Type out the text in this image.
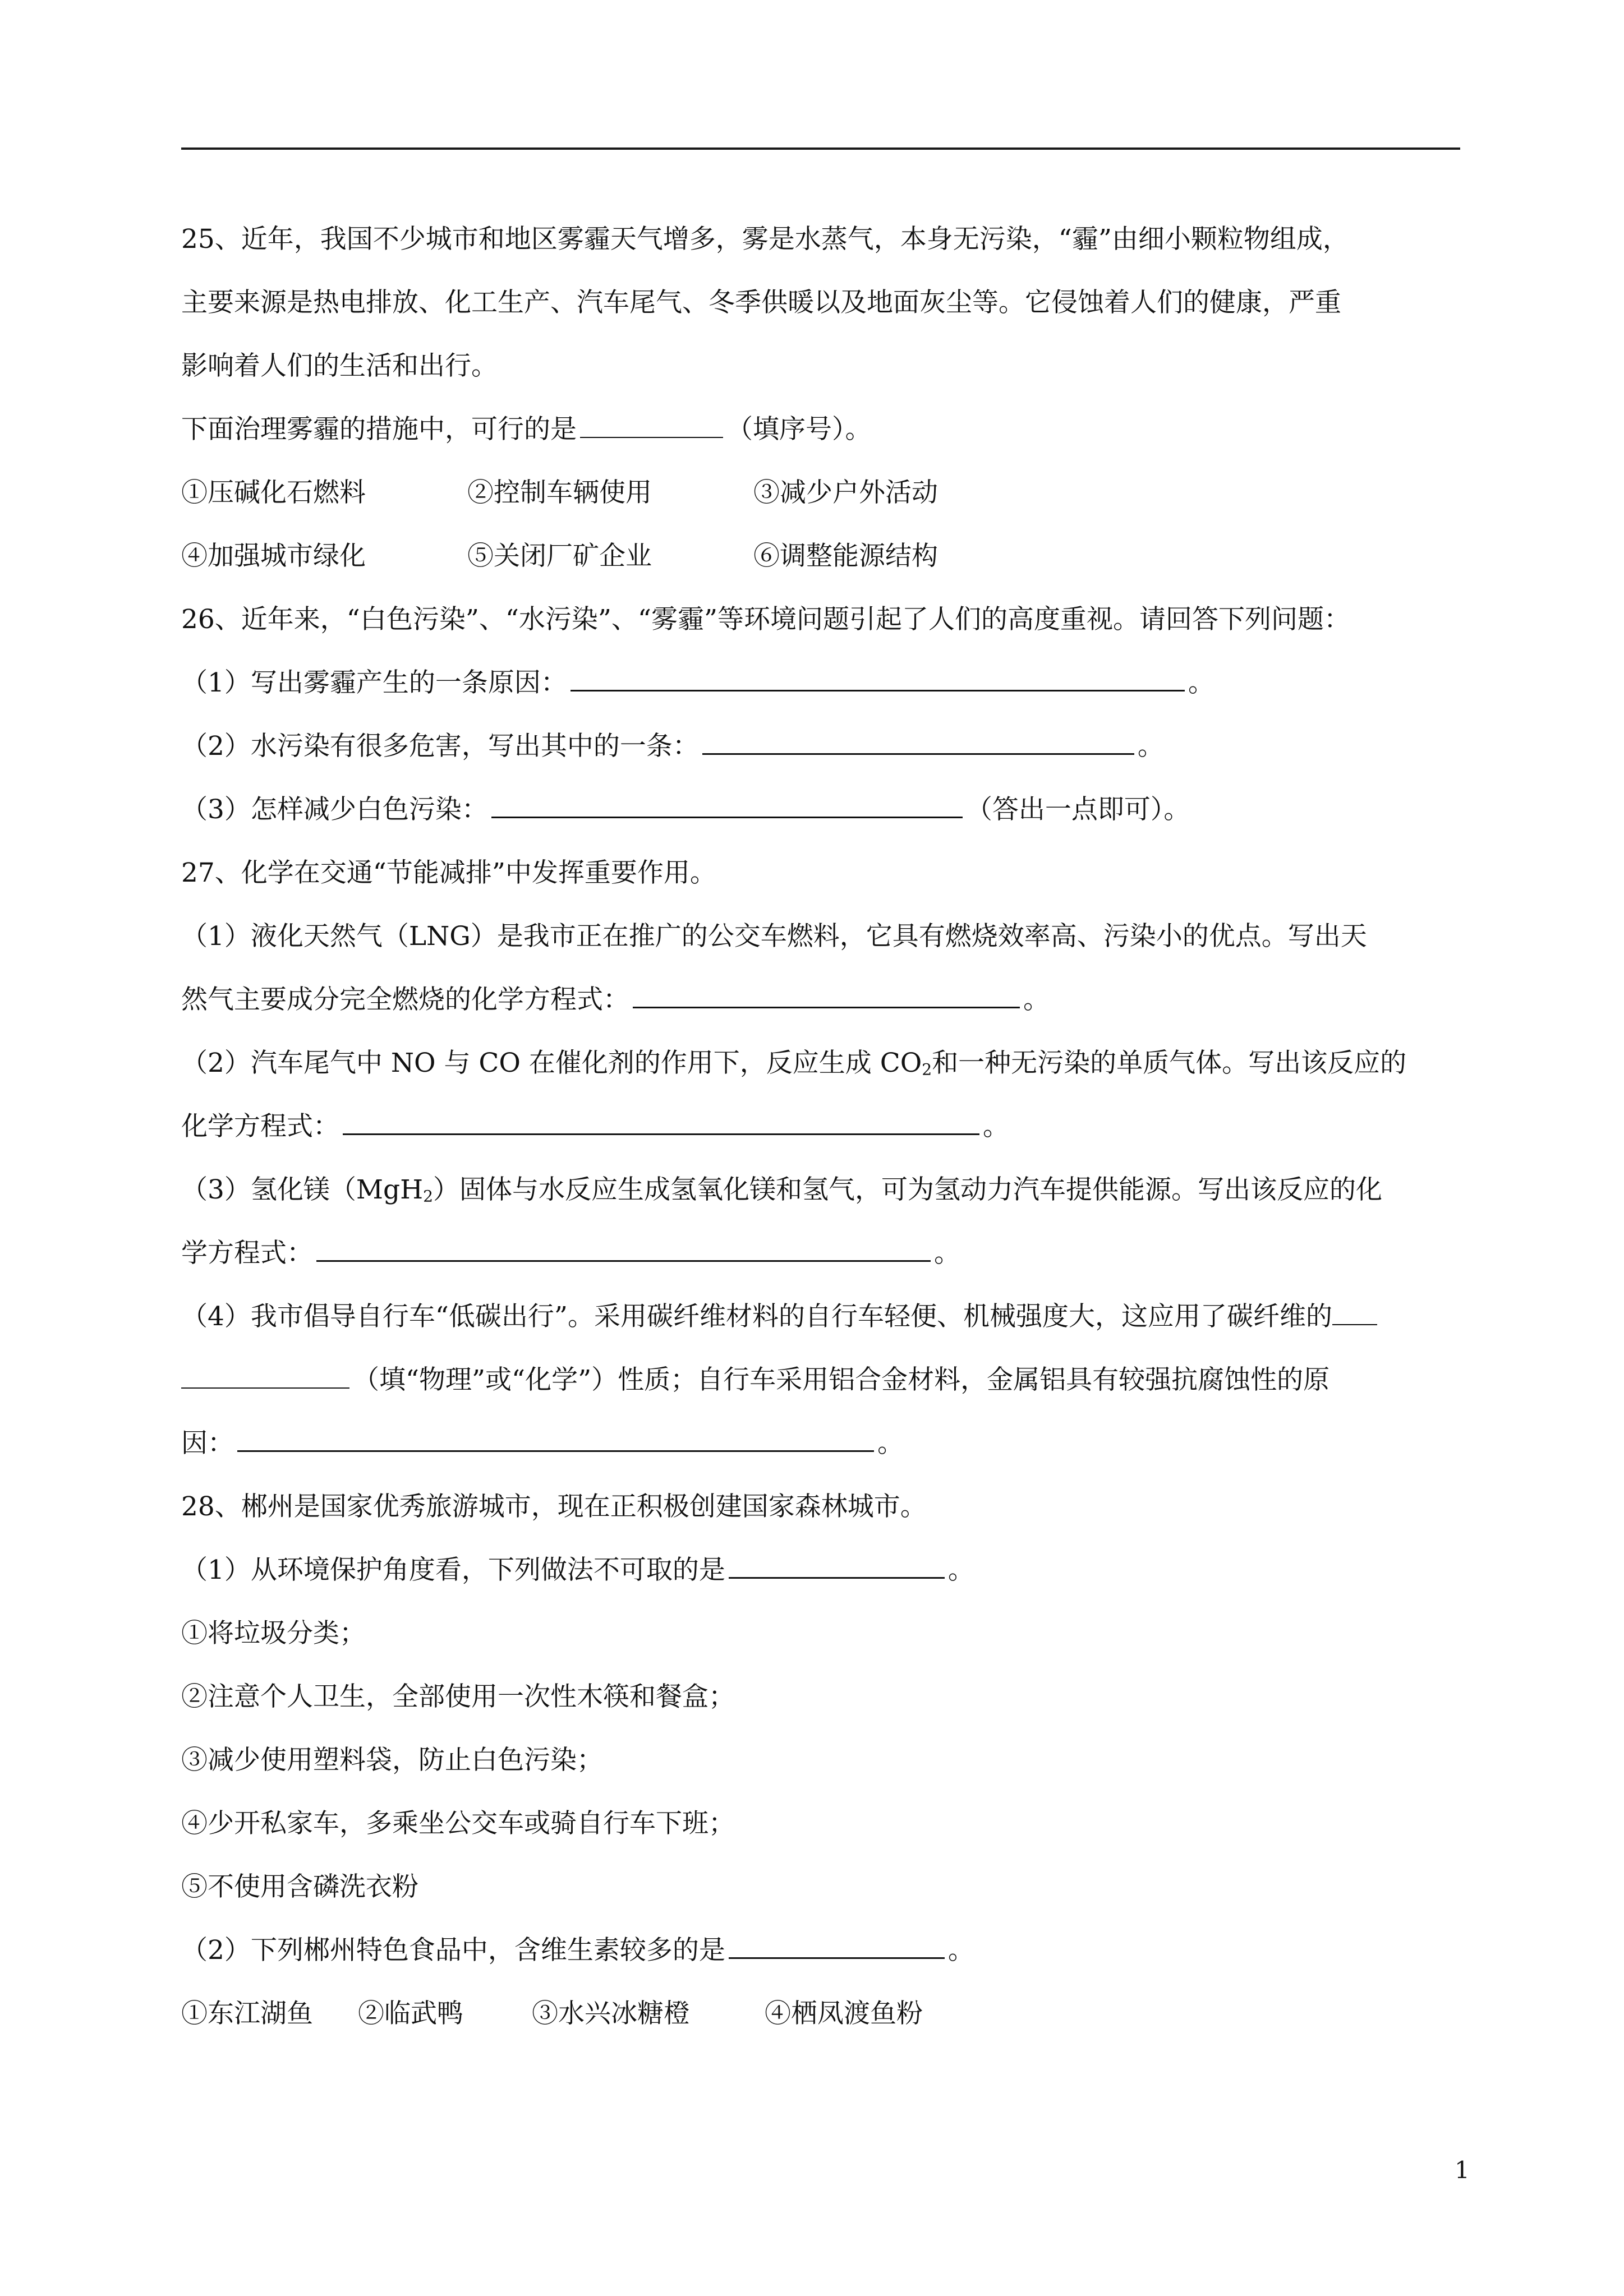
25、近年，我国不少城市和地区雾霾天气增多，雾是水蒸气，本身无污染，“霾”由细小颗粒物组成，
主要来源是热电排放、化工生产、汽车尾气、冬季供暖以及地面灰尘等。它侵蚀着人们的健康，严重
影响着人们的生活和出行。
下面治理雾霾的措施中，可行的是	（填序号）。
①压碱化石燃料	②控制车辆使用	③减少户外活动
④加强城市绿化	⑤关闭厂矿企业	⑥调整能源结构
26、近年来，“白色污染”、“水污染”、“雾霾”等环境问题引起了人们的高度重视。请回答下列问题：
（1）写出雾霾产生的一条原因：	。
（2）水污染有很多危害，写出其中的一条：	。
（3）怎样减少白色污染：	（答出一点即可）。
27、化学在交通“节能减排”中发挥重要作用。
（1）液化天然气（LNG）是我市正在推广的公交车燃料，它具有燃烧效率高、污染小的优点。写出天
然气主要成分完全燃烧的化学方程式：	。
（2）汽车尾气中 NO 与 CO 在催化剂的作用下，反应生成 $CO_2$和一种无污染的单质气体。写出该反应的
化学方程式：	。
（3）氢化镁（MgH$_2$）固体与水反应生成氢氧化镁和氢气，可为氢动力汽车提供能源。写出该反应的化
学方程式：	。
（4）我市倡导自行车“低碳出行”。采用碳纤维材料的自行车轻便、机械强度大，这应用了碳纤维的
（填“物理”或“化学”）性质；自行车采用铝合金材料，金属铝具有较强抗腐蚀性的原
因：	。
28、郴州是国家优秀旅游城市，现在正积极创建国家森林城市。
（1）从环境保护角度看，下列做法不可取的是	。
①将垃圾分类；
②注意个人卫生，全部使用一次性木筷和餐盒；
③减少使用塑料袋，防止白色污染；
④少开私家车，多乘坐公交车或骑自行车下班；
⑤不使用含磷洗衣粉
（2）下列郴州特色食品中，含维生素较多的是	。
①东江湖鱼 ②临武鸭	③水兴冰糖橙	④栖凤渡鱼粉
1
